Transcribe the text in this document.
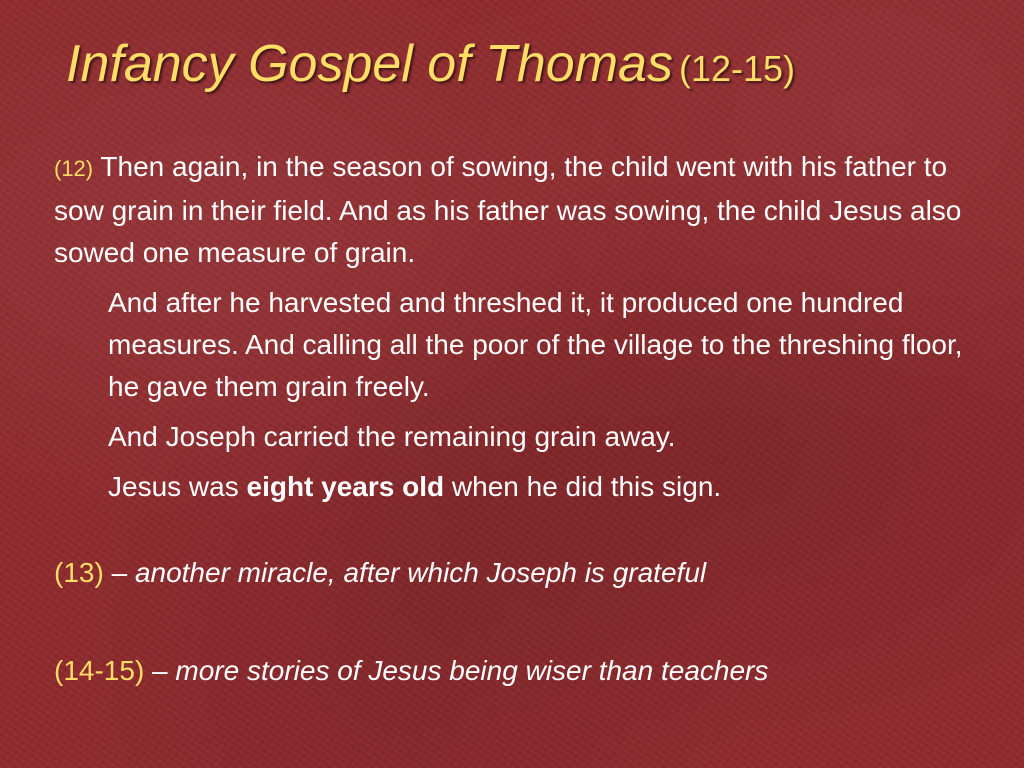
Infancy Gospel of Thomas (12-15)

(12) Then again, in the season of sowing, the child went with his father to sow grain in their field. And as his father was sowing, the child Jesus also sowed one measure of grain.

And after he harvested and threshed it, it produced one hundred measures. And calling all the poor of the village to the threshing floor, he gave them grain freely.

And Joseph carried the remaining grain away.

Jesus was eight years old when he did this sign.

(13) – another miracle, after which Joseph is grateful
(14-15) – more stories of Jesus being wiser than teachers
